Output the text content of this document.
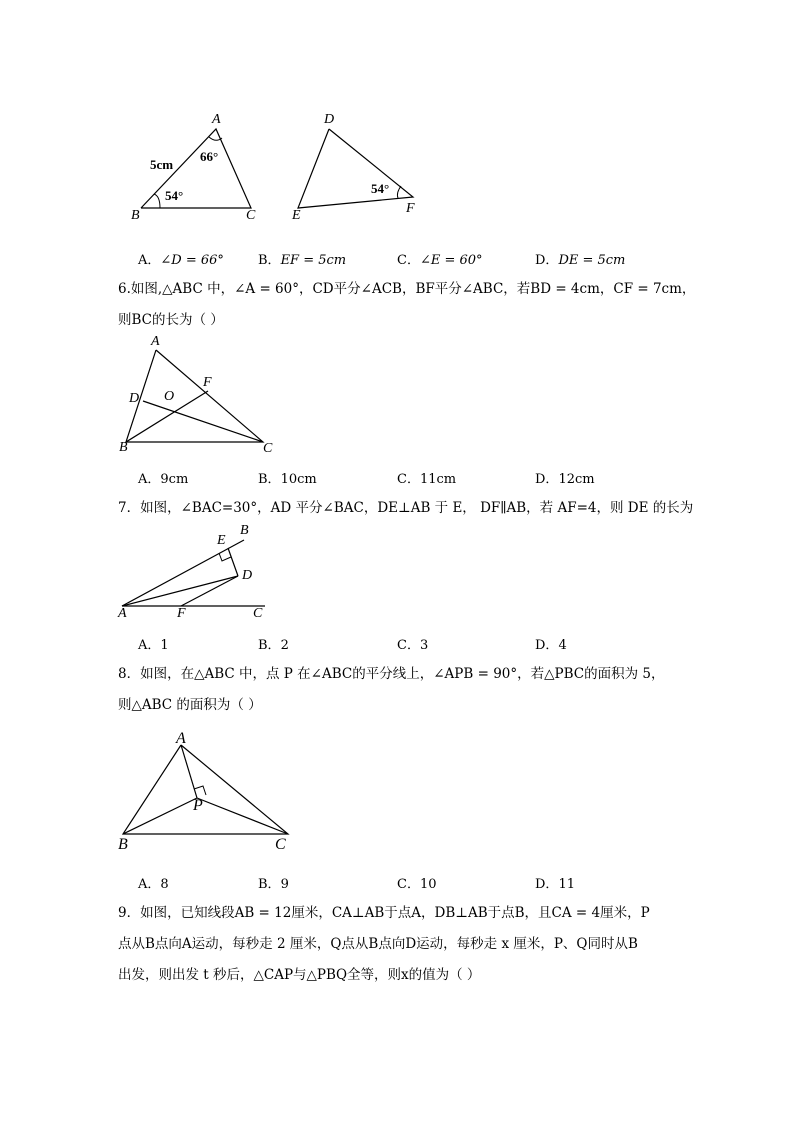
A
B	C
5cm
66°
54°
D
E	F
54°
A．∠D = 66°	B．EF = 5cm	C．∠E = 60°	D．DE = 5cm
6.如图,△ABC 中，∠A = 60°，CD平分∠ACB，BF平分∠ABC，若BD = 4cm，CF = 7cm，
则BC的长为（ ）
A
B	C
D
F
O
A．9cm	B．10cm	C．11cm	D．12cm
7．如图，∠BAC=30°，AD 平分∠BAC，DE⊥AB 于 E， DF∥AB，若 AF=4，则 DE 的长为
A
B
C
D
E
F
A．1	B．2	C．3	D．4
8．如图，在△ABC 中，点 P 在∠ABC的平分线上，∠APB = 90°，若△PBC的面积为 5，
则△ABC 的面积为（ ）
A
B	C
P
A．8	B．9	C．10	D．11
9．如图，已知线段AB = 12厘米，CA⊥AB于点A，DB⊥AB于点B，且CA = 4厘米，P
点从B点向A运动，每秒走 2 厘米，Q点从B点向D运动，每秒走 x 厘米，P、Q同时从B
出发，则出发 t 秒后，△CAP与△PBQ全等，则x的值为（ ）
